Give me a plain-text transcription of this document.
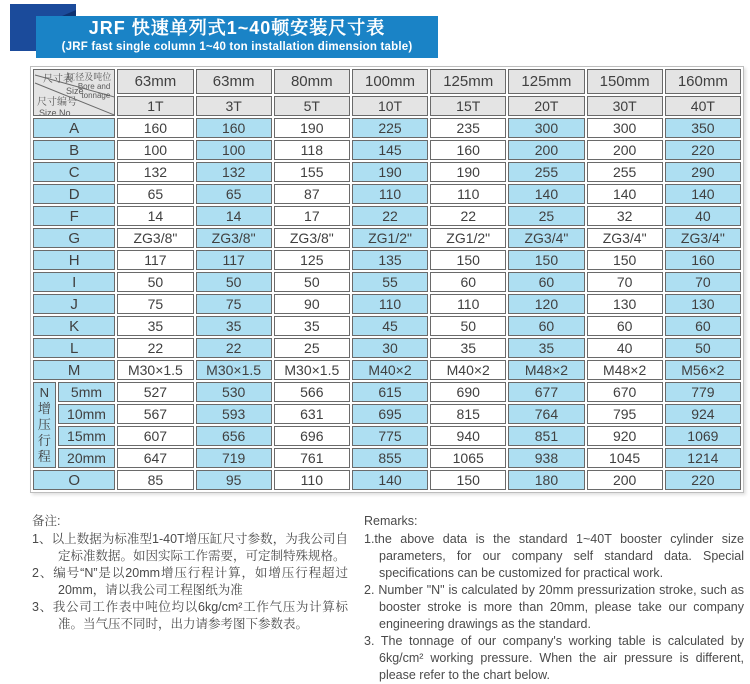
JRF 快速单列式1~40顿安装尺寸表
(JRF fast single column 1~40 ton installation dimension table)
尺寸表
Size
缸径及吨位
Bore and
tonnage
尺寸编号
Size No.
	63mm	63mm	80mm	100mm	125mm	125mm	150mm	160mm
		1T	3T	5T	10T	15T	20T	30T	40T
A		160	160	190	225	235	300	300	350
B		100	100	118	145	160	200	200	220
C		132	132	155	190	190	255	255	290
D		65	65	87	110	110	140	140	140
F		14	14	17	22	22	25	32	40
G		ZG3/8"	ZG3/8"	ZG3/8"	ZG1/2"	ZG1/2"	ZG3/4"	ZG3/4"	ZG3/4"
H		117	117	125	135	150	150	150	160
I		50	50	50	55	60	60	70	70
J		75	75	90	110	110	120	130	130
K		35	35	35	45	50	60	60	60
L		22	22	25	30	35	35	40	50
M		M30×1.5	M30×1.5	M30×1.5	M40×2	M40×2	M48×2	M48×2	M56×2

N
增
压
行
程	5mm	527	530	566	615	690	677	670	779
	10mm	567	593	631	695	815	764	795	924
	15mm	607	656	696	775	940	851	920	1069
	20mm	647	719	761	855	1065	938	1045	1214
O		85	95	110	140	150	180	200	220
备注:
1、以上数据为标准型1-40T增压缸尺寸参数，为我公司自定标准数据。如因实际工作需要，可定制特殊规格。
2、编号“N”是以20mm增压行程计算，如增压行程超过20mm，请以我公司工程图纸为准
3、我公司工作表中吨位均以6kg/cm²工作气压为计算标准。当气压不同时，出力请参考图下参数表。
Remarks:
1.the above data is the standard 1~40T booster cylinder size parameters, for our company self standard data. Special specifications can be customized for practical work.
2. Number "N" is calculated by 20mm pressurization stroke, such as booster stroke is more than 20mm, please take our company engineering drawings as the standard.
3. The tonnage of our company's working table is calculated by 6kg/cm² working pressure. When the air pressure is different, please refer to the chart below.
